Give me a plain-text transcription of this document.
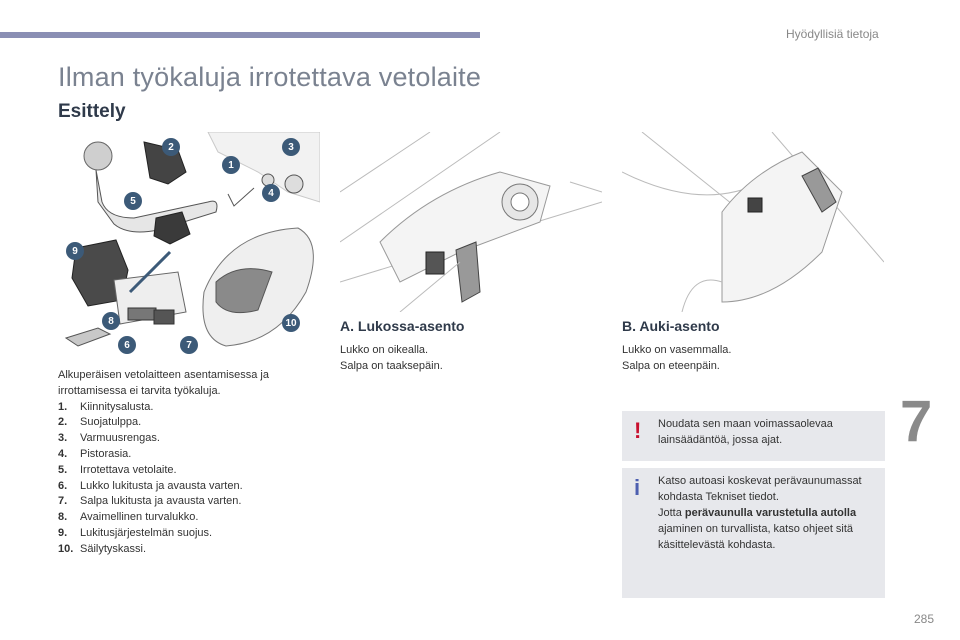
Hyödyllisiä tietoja
Ilman työkaluja irrotettava vetolaite
Esittely
2	3
1
4
5
9
8
6	7
10
Alkuperäisen vetolaitteen asentamisessa ja irrottamisessa ei tarvita työkaluja.
1.	Kiinnitysalusta.
2.	Suojatulppa.
3.	Varmuusrengas.
4.	Pistorasia.
5.	Irrotettava vetolaite.
6.	Lukko lukitusta ja avausta varten.
7.	Salpa lukitusta ja avausta varten.
8.	Avaimellinen turvalukko.
9.	Lukitusjärjestelmän suojus.
10. Säilytyskassi.
A. Lukossa-asento
Lukko on oikealla.
Salpa on taaksepäin.
B. Auki-asento
Lukko on vasemmalla.
Salpa on eteenpäin.
! Noudata sen maan voimassaolevaa lainsäädäntöä, jossa ajat.
i Katso autoasi koskevat perävaunumassat kohdasta Tekniset tiedot.
Jotta perävaunulla varustetulla autolla ajaminen on turvallista, katso ohjeet sitä käsittelevästä kohdasta.
7
285
